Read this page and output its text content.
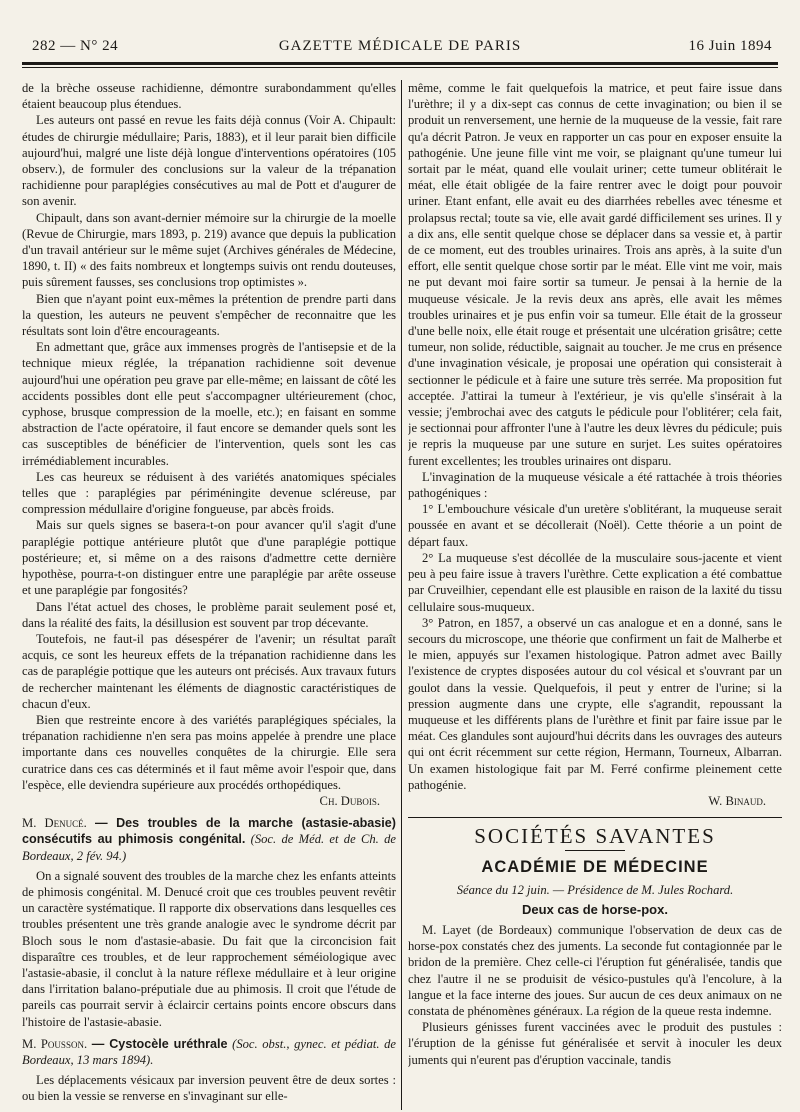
282 — N° 24	GAZETTE MÉDICALE DE PARIS	16 Juin 1894

de la brèche osseuse rachidienne, démontre surabondamment qu'elles étaient beaucoup plus étendues.

Les auteurs ont passé en revue les faits déjà connus (Voir A. Chipault: études de chirurgie médullaire; Paris, 1883), et il leur parait bien difficile aujourd'hui, malgré une liste déjà longue d'interventions opératoires (105 observ.), de formuler des conclusions sur la valeur de la trépanation rachidienne pour paraplégies consécutives au mal de Pott et d'augurer de son avenir.

Chipault, dans son avant-dernier mémoire sur la chirurgie de la moelle (Revue de Chirurgie, mars 1893, p. 219) avance que depuis la publication d'un travail antérieur sur le même sujet (Archives générales de Médecine, 1890, t. II) « des faits nombreux et longtemps suivis ont rendu douteuses, puis sûrement fausses, ses conclusions trop optimistes ».

Bien que n'ayant point eux-mêmes la prétention de prendre parti dans la question, les auteurs ne peuvent s'empêcher de reconnaitre que les résultats sont loin d'être encourageants.

En admettant que, grâce aux immenses progrès de l'antisepsie et de la technique mieux réglée, la trépanation rachidienne soit devenue aujourd'hui une opération peu grave par elle-même; en laissant de côté les accidents possibles dont elle peut s'accompagner ultérieurement (choc, cyphose, brusque compression de la moelle, etc.); en faisant en somme abstraction de l'acte opératoire, il faut encore se demander quels sont les cas susceptibles de bénéficier de l'intervention, quels sont les cas irrémédiablement incurables.

Les cas heureux se réduisent à des variétés anatomiques spéciales telles que : paraplégies par périméningite devenue scléreuse, par compression médullaire d'origine fongueuse, par abcès froids.

Mais sur quels signes se basera-t-on pour avancer qu'il s'agit d'une paraplégie pottique antérieure plutôt que d'une paraplégie pottique postérieure; et, si même on a des raisons d'admettre cette dernière hypothèse, pourra-t-on distinguer entre une paraplégie par arête osseuse et une paraplégie par fongosités?

Dans l'état actuel des choses, le problème parait seulement posé et, dans la réalité des faits, la désillusion est souvent par trop décevante.

Toutefois, ne faut-il pas désespérer de l'avenir; un résultat paraît acquis, ce sont les heureux effets de la trépanation rachidienne dans les cas de paraplégie pottique que les auteurs ont précisés. Aux travaux futurs de rechercher maintenant les éléments de diagnostic caractéristiques de chacun d'eux.

Bien que restreinte encore à des variétés paraplégiques spéciales, la trépanation rachidienne n'en sera pas moins appelée à prendre une place importante dans ces nouvelles conquêtes de la chirurgie. Elle sera curatrice dans ces cas déterminés et il faut même avoir l'espoir que, dans l'espèce, elle deviendra supérieure aux procédés orthopédiques.

Ch. Dubois.
M. Denucé. — Des troubles de la marche (astasie-abasie) consécutifs au phimosis congénital. (Soc. de Méd. et de Ch. de Bordeaux, 2 fév. 94.)

On a signalé souvent des troubles de la marche chez les enfants atteints de phimosis congénital. M. Denucé croit que ces troubles peuvent revêtir un caractère systématique. Il rapporte dix observations dans lesquelles ces troubles présentent une très grande analogie avec le syndrome décrit par Bloch sous le nom d'astasie-abasie. Du fait que la circoncision fait disparaître ces troubles, et de leur rapprochement séméiologique avec l'astasie-abasie, il conclut à la nature réflexe médullaire et à leur origine dans l'irritation balano-préputiale due au phimosis. Il croit que l'étude de pareils cas pourrait servir à éclaircir certains points encore obscurs dans l'histoire de l'astasie-abasie.

M. Pousson. — Cystocèle uréthrale (Soc. obst., gynec. et pédiat. de Bordeaux, 13 mars 1894).

Les déplacements vésicaux par inversion peuvent être de deux sortes : ou bien la vessie se renverse en s'invaginant sur elle-

même, comme le fait quelquefois la matrice, et peut faire issue dans l'urèthre; il y a dix-sept cas connus de cette invagination; ou bien il se produit un renversement, une hernie de la muqueuse de la vessie, fait rare qu'a décrit Patron. Je veux en rapporter un cas pour en exposer ensuite la pathogénie. Une jeune fille vint me voir, se plaignant qu'une tumeur lui sortait par le méat, quand elle voulait uriner; cette tumeur oblitérait le méat, elle était obligée de la faire rentrer avec le doigt pour pouvoir uriner. Etant enfant, elle avait eu des diarrhées rebelles avec ténesme et prolapsus rectal; toute sa vie, elle avait gardé difficilement ses urines. Il y a dix ans, elle sentit quelque chose se déplacer dans sa vessie et, à partir de ce moment, eut des troubles urinaires. Trois ans après, à la suite d'un effort, elle sentit quelque chose sortir par le méat. Elle vint me voir, mais ne put devant moi faire sortir sa tumeur. Je pensai à la hernie de la muqueuse vésicale. Je la revis deux ans après, elle avait les mêmes troubles urinaires et je pus enfin voir sa tumeur. Elle était de la grosseur d'une belle noix, elle était rouge et présentait une ulcération grisâtre; cette tumeur, non solide, réductible, saignait au toucher. Je me crus en présence d'une invagination vésicale, je proposai une opération qui consisterait à sectionner le pédicule et à faire une suture très serrée. Ma proposition fut acceptée. J'attirai la tumeur à l'extérieur, je vis qu'elle s'insérait à la vessie; j'embrochai avec des catguts le pédicule pour l'oblitérer; cela fait, je sectionnai pour affronter l'une à l'autre les deux lèvres du pédicule; puis je repris la muqueuse par une suture en surjet. Les suites opératoires furent excellentes; les troubles urinaires ont disparu.

L'invagination de la muqueuse vésicale a été rattachée à trois théories pathogéniques :

1° L'embouchure vésicale d'un uretère s'oblitérant, la muqueuse serait poussée en avant et se décollerait (Noël). Cette théorie a un point de départ faux.

2° La muqueuse s'est décollée de la musculaire sous-jacente et vient peu à peu faire issue à travers l'urèthre. Cette explication a été combattue par Cruveilhier, cependant elle est plausible en raison de la laxité du tissu cellulaire sous-muqueux.

3° Patron, en 1857, a observé un cas analogue et en a donné, sans le secours du microscope, une théorie que confirment un fait de Malherbe et le mien, appuyés sur l'examen histologique. Patron admet avec Bailly l'existence de cryptes disposées autour du col vésical et s'ouvrant par un goulot dans la vessie. Quelquefois, il peut y entrer de l'urine; si la pression augmente dans une crypte, elle s'agrandit, repoussant la muqueuse et les différents plans de l'urèthre et finit par faire issue par le méat. Ces glandules sont aujourd'hui décrits dans les ouvrages des auteurs qui ont écrit récemment sur cette région, Hermann, Tourneux, Albarran. Un examen histologique fait par M. Ferré confirme pleinement cette pathogénie.

W. Binaud.
SOCIÉTÉS SAVANTES
ACADÉMIE DE MÉDECINE
Séance du 12 juin. — Présidence de M. Jules Rochard.
Deux cas de horse-pox.

M. Layet (de Bordeaux) communique l'observation de deux cas de horse-pox constatés chez des juments. La seconde fut contagionnée par le bridon de la première. Chez celle-ci l'éruption fut généralisée, tandis que chez l'autre il ne se produisit de vésico-pustules qu'à l'encolure, à la langue et la face interne des joues. Sur aucun de ces deux animaux on ne constata de phénomènes généraux. La région de la queue resta indemne.

Plusieurs génisses furent vaccinées avec le produit des pustules : l'éruption de la génisse fut généralisée et servit à inoculer les deux juments qui n'eurent pas d'éruption vaccinale, tandis
